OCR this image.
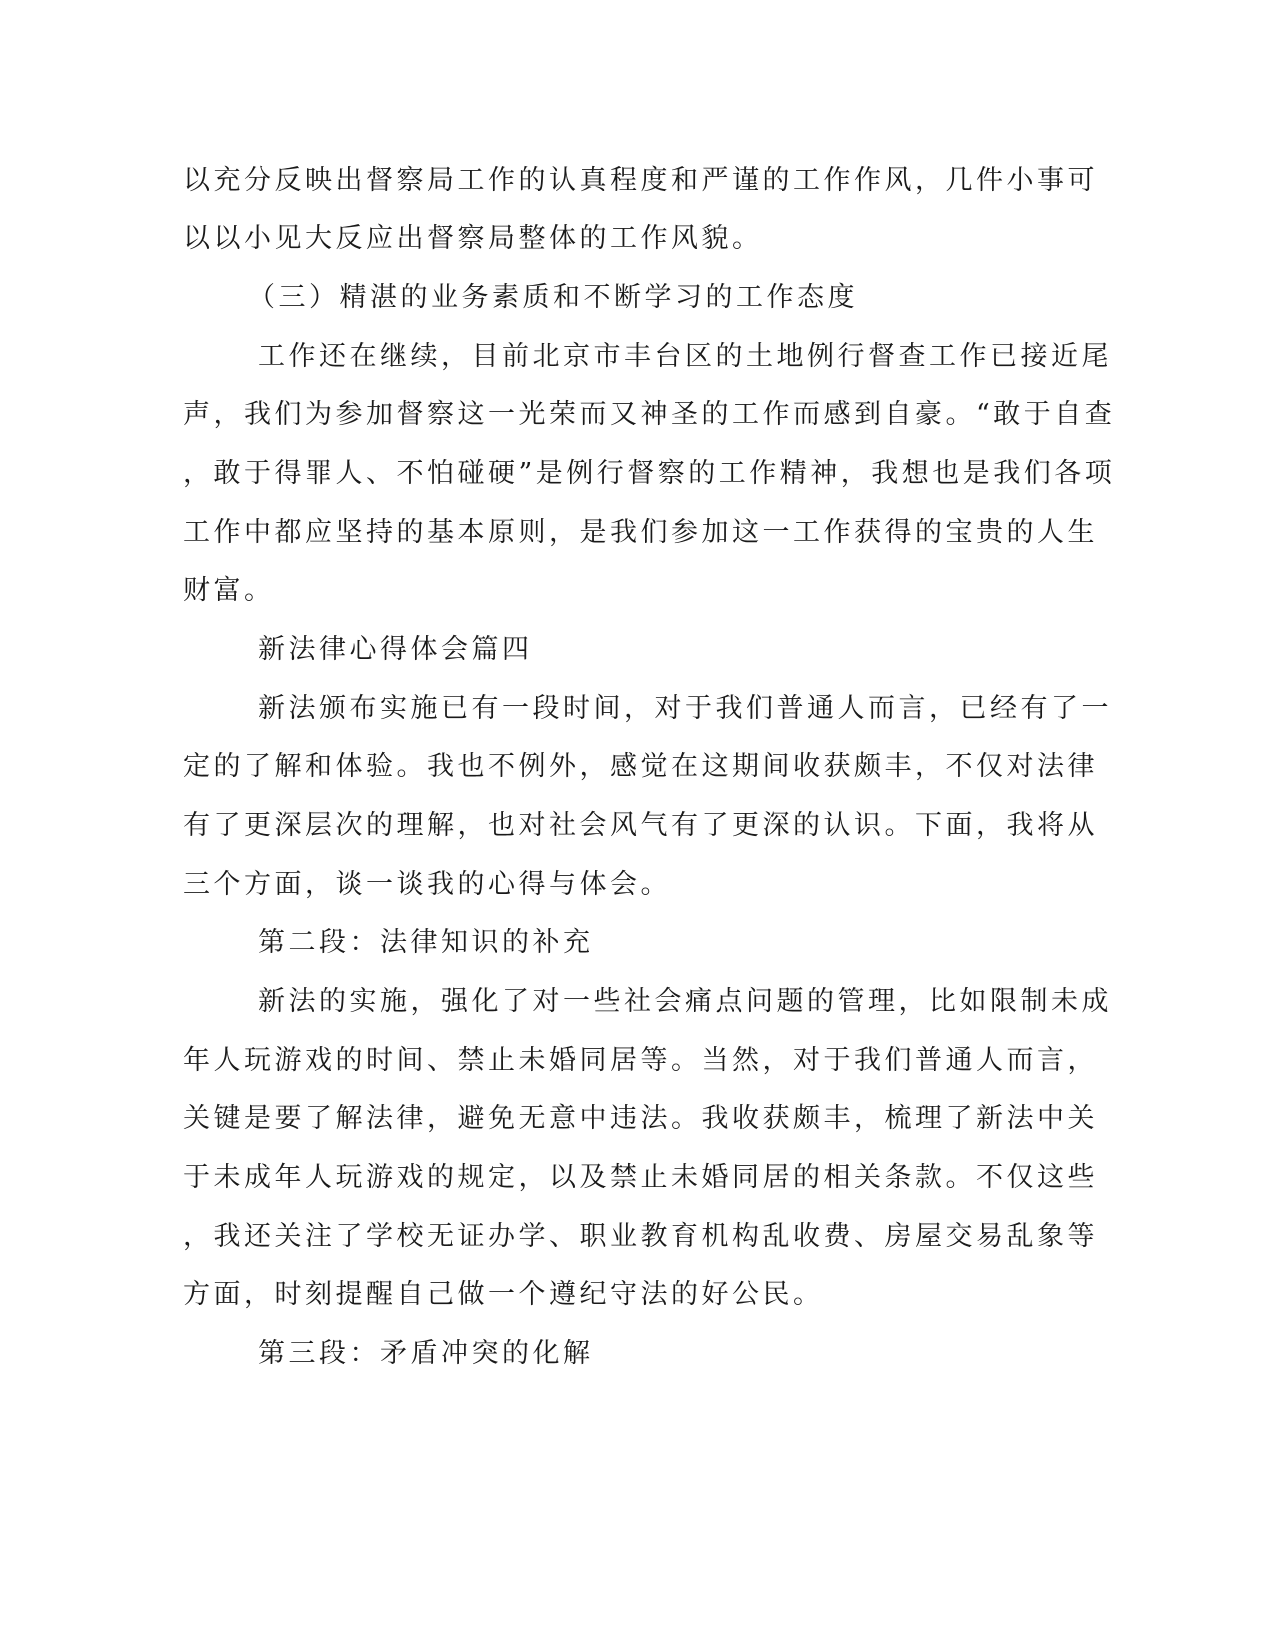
以充分反映出督察局工作的认真程度和严谨的工作作风，几件小事可
以以小见大反应出督察局整体的工作风貌。
（三）精湛的业务素质和不断学习的工作态度
工作还在继续，目前北京市丰台区的土地例行督查工作已接近尾
声，我们为参加督察这一光荣而又神圣的工作而感到自豪。“敢于自查
，敢于得罪人、不怕碰硬”是例行督察的工作精神，我想也是我们各项
工作中都应坚持的基本原则，是我们参加这一工作获得的宝贵的人生
财富。
新法律心得体会篇四
新法颁布实施已有一段时间，对于我们普通人而言，已经有了一
定的了解和体验。我也不例外，感觉在这期间收获颇丰，不仅对法律
有了更深层次的理解，也对社会风气有了更深的认识。下面，我将从
三个方面，谈一谈我的心得与体会。
第二段：法律知识的补充
新法的实施，强化了对一些社会痛点问题的管理，比如限制未成
年人玩游戏的时间、禁止未婚同居等。当然，对于我们普通人而言，
关键是要了解法律，避免无意中违法。我收获颇丰，梳理了新法中关
于未成年人玩游戏的规定，以及禁止未婚同居的相关条款。不仅这些
，我还关注了学校无证办学、职业教育机构乱收费、房屋交易乱象等
方面，时刻提醒自己做一个遵纪守法的好公民。
第三段：矛盾冲突的化解
